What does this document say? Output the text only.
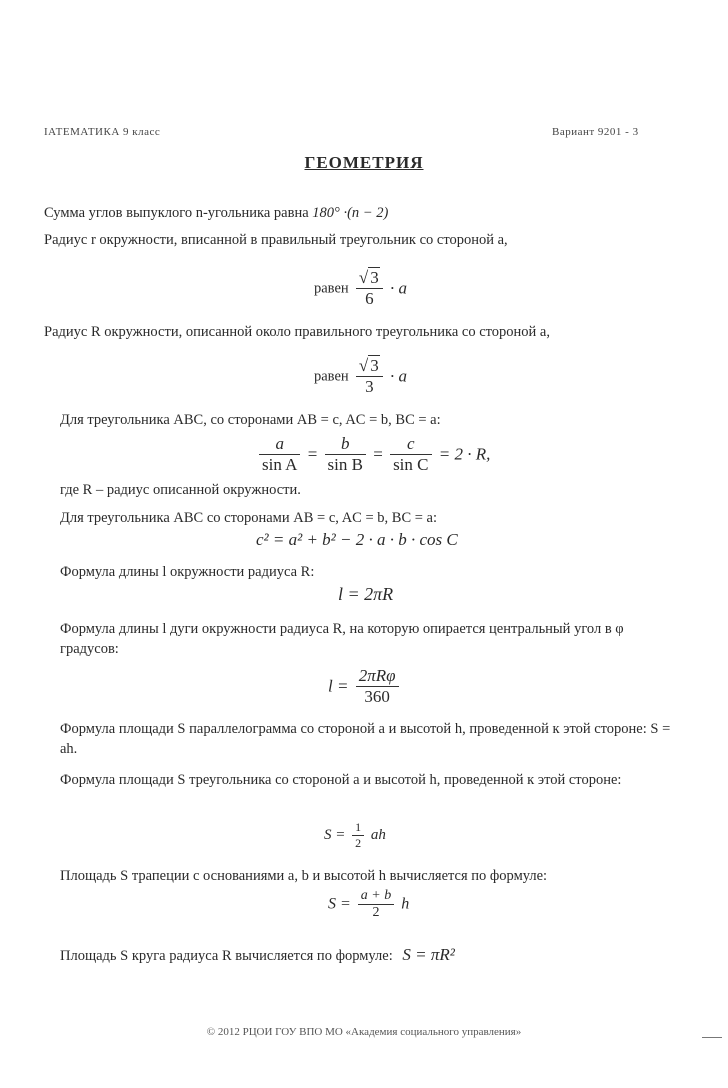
ІАТЕМАТИКА 9 класс	Вариант 9201 - 3
ГЕОМЕТРИЯ
Сумма углов выпуклого n-угольника равна 180° ·(n − 2)
Радиус r окружности, вписанной в правильный треугольник со стороной a,
равен $\frac{√ 3}{6} \cdot a$
Радиус R окружности, описанной около правильного треугольника со стороной a,
равен $\frac{√ 3}{3} \cdot a$
Для треугольника ABC, со сторонами AB = c, AC = b, BC = a:
$\frac{a}{\text{sin A}} = \frac{b}{\text{sin B}} = \frac{c}{\text{sin C}} = 2 \cdot R$,
где R – радиус описанной окружности.
Для треугольника ABC со сторонами AB = c, AC = b, BC = a:
c² = a² + b² − 2 · a · b · cos C
Формула длины l окружности радиуса R:
l = 2πR
Формула длины l дуги окружности радиуса R, на которую опирается центральный угол в φ градусов:
$l = \frac{\text{2πRφ}}{360}$
Формула площади S параллелограмма со стороной a и высотой h, проведенной к этой стороне: S = ah.
Формула площади S треугольника со стороной a и высотой h, проведенной к этой стороне:
$S = \frac{1}{2}$ ah
Площадь S трапеции с основаниями a, b и высотой h вычисляется по формуле:
$S = \frac{a + b}{2}$ h
Площадь S круга радиуса R вычисляется по формуле: S = πR²
© 2012 РЦОИ ГОУ ВПО МО «Академия социального управления»
